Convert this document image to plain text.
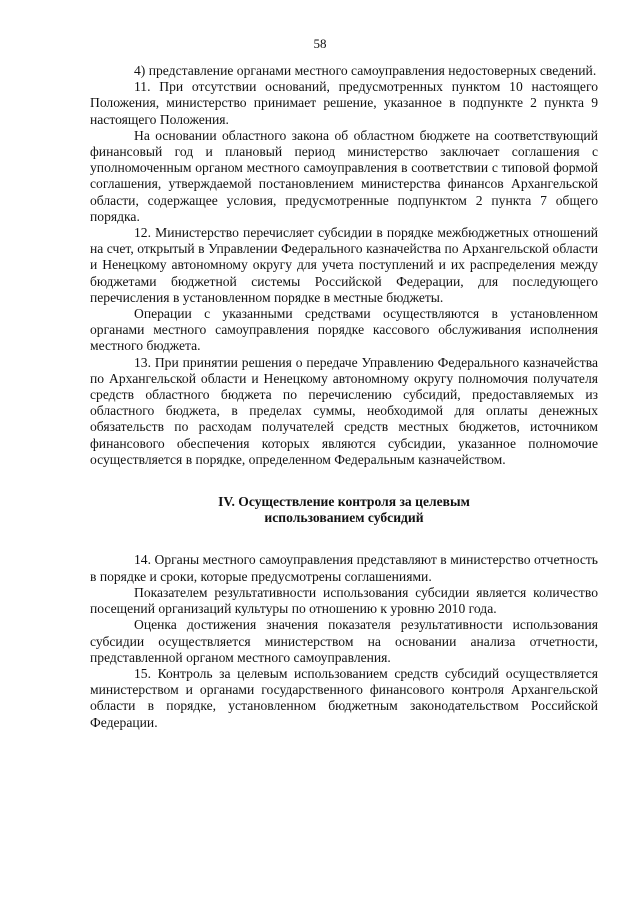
58

4) представление органами местного самоуправления недостоверных сведений.

11. При отсутствии оснований, предусмотренных пунктом 10 настоящего Положения, министерство принимает решение, указанное в подпункте 2 пункта 9 настоящего Положения.

На основании областного закона об областном бюджете на соответствующий финансовый год и плановый период министерство заключает соглашения с уполномоченным органом местного самоуправления в соответствии с типовой формой соглашения, утверждаемой постановлением министерства финансов Архангельской области, содержащее условия, предусмотренные подпунктом 2 пункта 7 общего порядка.

12. Министерство перечисляет субсидии в порядке межбюджетных отношений на счет, открытый в Управлении Федерального казначейства по Архангельской области и Ненецкому автономному округу для учета поступлений и их распределения между бюджетами бюджетной системы Российской Федерации, для последующего перечисления в установленном порядке в местные бюджеты.

Операции с указанными средствами осуществляются в установленном органами местного самоуправления порядке кассового обслуживания исполнения местного бюджета.

13. При принятии решения о передаче Управлению Федерального казначейства по Архангельской области и Ненецкому автономному округу полномочия получателя средств областного бюджета по перечислению субсидий, предоставляемых из областного бюджета, в пределах суммы, необходимой для оплаты денежных обязательств по расходам получателей средств местных бюджетов, источником финансового обеспечения которых являются субсидии, указанное полномочие осуществляется в порядке, определенном Федеральным казначейством.

IV. Осуществление контроля за целевым
использованием субсидий

14. Органы местного самоуправления представляют в министерство отчетность в порядке и сроки, которые предусмотрены соглашениями.

Показателем результативности использования субсидии является количество посещений организаций культуры по отношению к уровню 2010 года.

Оценка достижения значения показателя результативности использования субсидии осуществляется министерством на основании анализа отчетности, представленной органом местного самоуправления.

15. Контроль за целевым использованием средств субсидий осуществляется министерством и органами государственного финансового контроля Архангельской области в порядке, установленном бюджетным законодательством Российской Федерации.
